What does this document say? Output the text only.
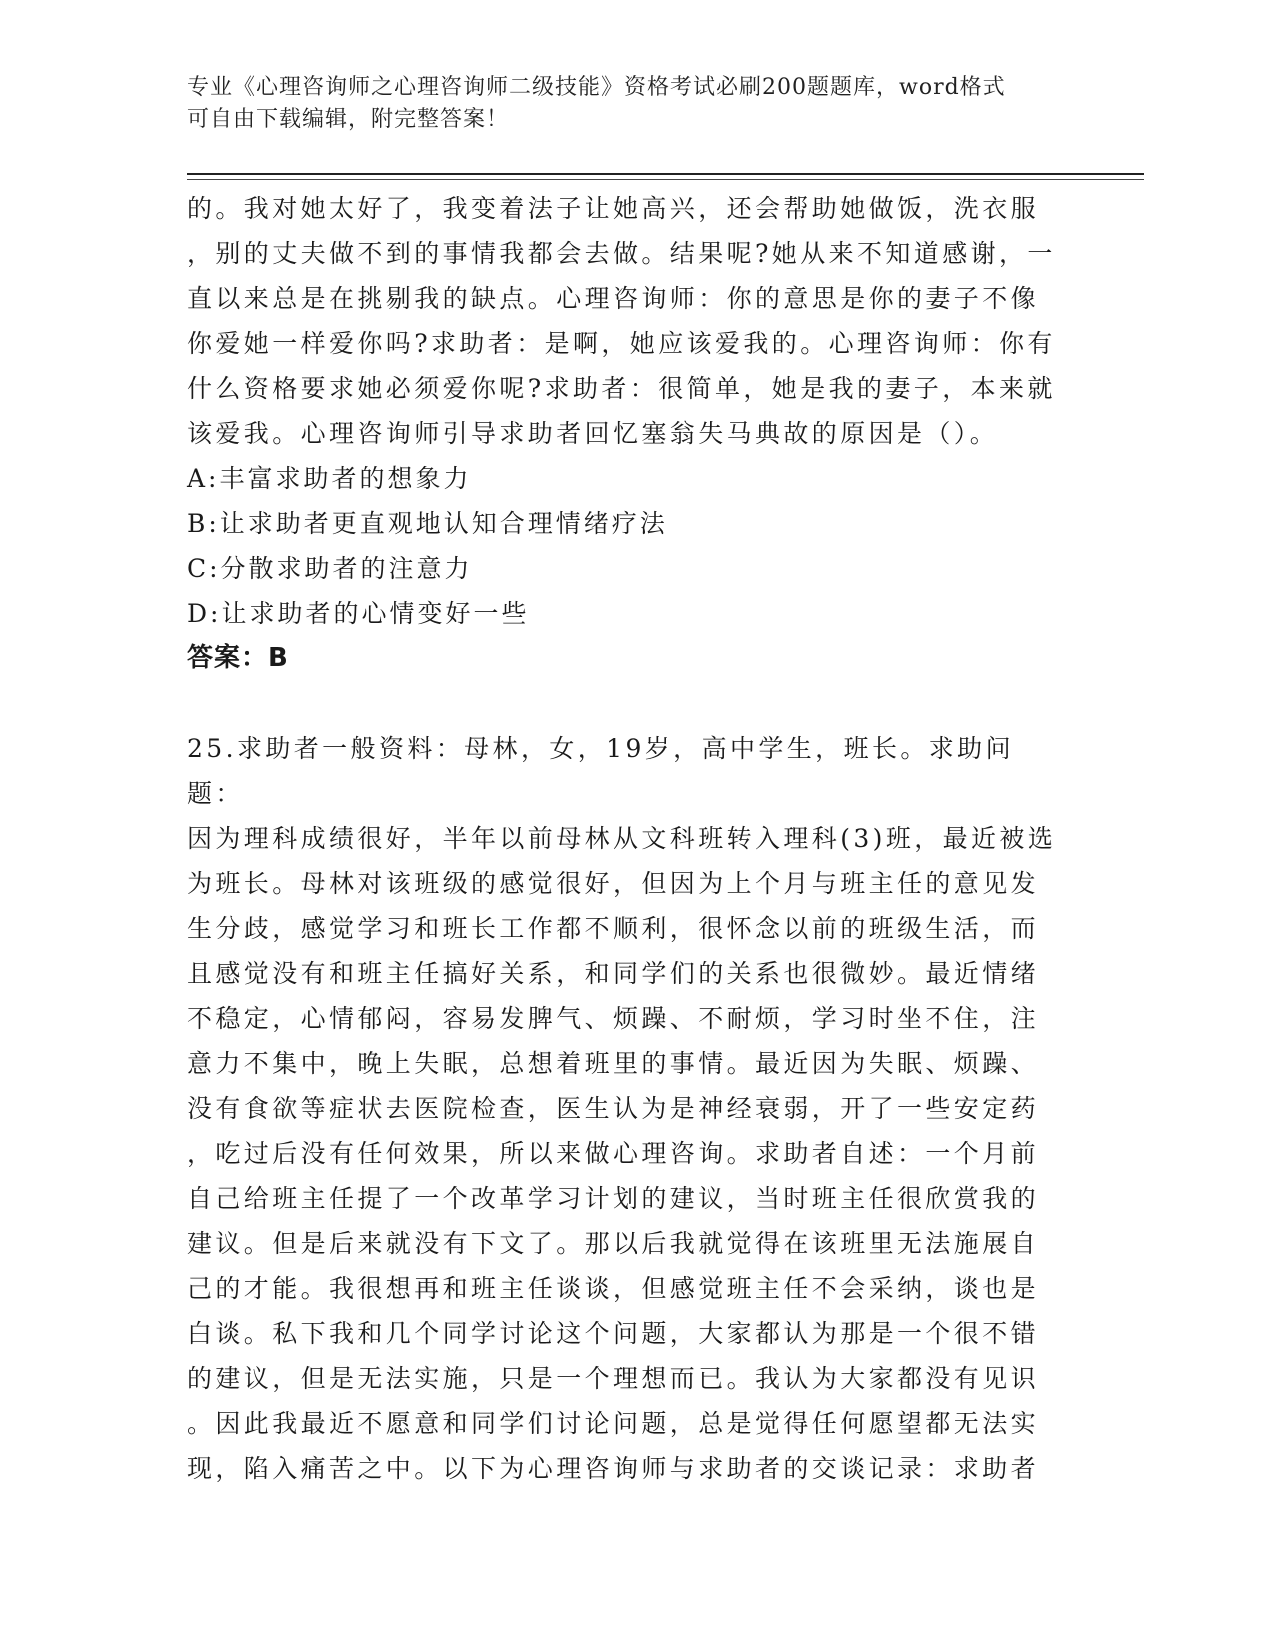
专业《心理咨询师之心理咨询师二级技能》资格考试必刷200题题库，word格式
可自由下载编辑，附完整答案！

的。我对她太好了，我变着法子让她高兴，还会帮助她做饭，洗衣服

，别的丈夫做不到的事情我都会去做。结果呢?她从来不知道感谢，一

直以来总是在挑剔我的缺点。心理咨询师：你的意思是你的妻子不像

你爱她一样爱你吗?求助者：是啊，她应该爱我的。心理咨询师：你有

什么资格要求她必须爱你呢?求助者：很简单，她是我的妻子，本来就

该爱我。心理咨询师引导求助者回忆塞翁失马典故的原因是（）。

A:丰富求助者的想象力

B:让求助者更直观地认知合理情绪疗法

C:分散求助者的注意力

D:让求助者的心情变好一些

答案：B

25.求助者一般资料：母林，女，19岁，高中学生，班长。求助问题：

因为理科成绩很好，半年以前母林从文科班转入理科(3)班，最近被选

为班长。母林对该班级的感觉很好，但因为上个月与班主任的意见发

生分歧，感觉学习和班长工作都不顺利，很怀念以前的班级生活，而

且感觉没有和班主任搞好关系，和同学们的关系也很微妙。最近情绪

不稳定，心情郁闷，容易发脾气、烦躁、不耐烦，学习时坐不住，注

意力不集中，晚上失眠，总想着班里的事情。最近因为失眠、烦躁、

没有食欲等症状去医院检查，医生认为是神经衰弱，开了一些安定药

，吃过后没有任何效果，所以来做心理咨询。求助者自述：一个月前

自己给班主任提了一个改革学习计划的建议，当时班主任很欣赏我的

建议。但是后来就没有下文了。那以后我就觉得在该班里无法施展自

己的才能。我很想再和班主任谈谈，但感觉班主任不会采纳，谈也是

白谈。私下我和几个同学讨论这个问题，大家都认为那是一个很不错

的建议，但是无法实施，只是一个理想而已。我认为大家都没有见识

。因此我最近不愿意和同学们讨论问题，总是觉得任何愿望都无法实

现，陷入痛苦之中。以下为心理咨询师与求助者的交谈记录：求助者
